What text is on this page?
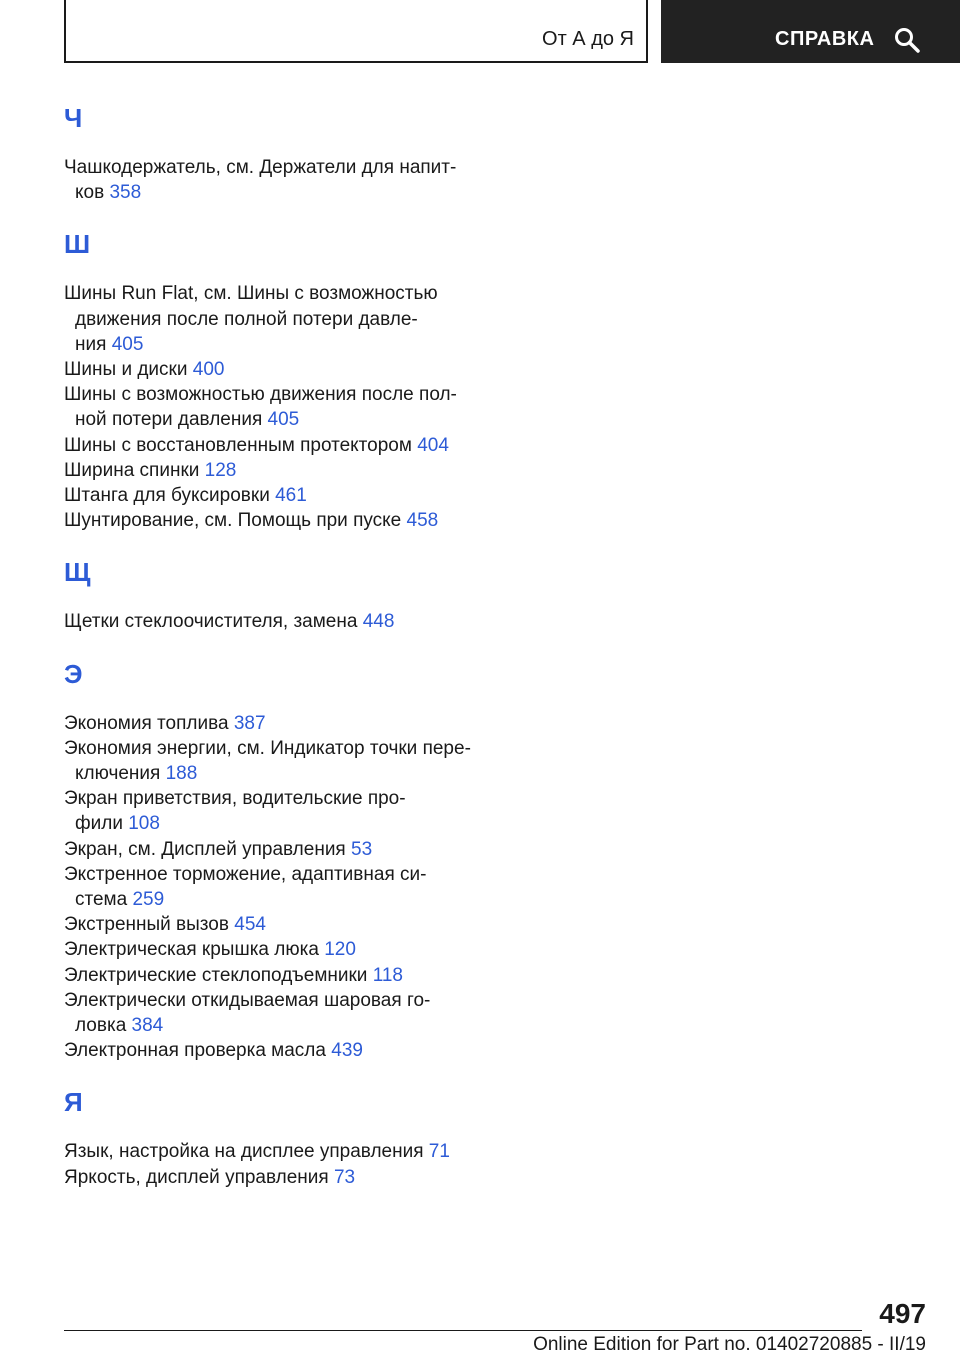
От А до Я	СПРАВКА
Ч
Чашкодержатель, см. Держатели для напит-
ков 358
Ш
Шины Run Flat, см. Шины с возможностью
движения после полной потери давле-
ния 405
Шины и диски 400
Шины с возможностью движения после пол-
ной потери давления 405
Шины с восстановленным протектором 404
Ширина спинки 128
Штанга для буксировки 461
Шунтирование, см. Помощь при пуске 458
Щ
Щетки стеклоочистителя, замена 448
Э
Экономия топлива 387
Экономия энергии, см. Индикатор точки пере-
ключения 188
Экран приветствия, водительские про-
фили 108
Экран, см. Дисплей управления 53
Экстренное торможение, адаптивная си-
стема 259
Экстренный вызов 454
Электрическая крышка люка 120
Электрические стеклоподъемники 118
Электрически откидываемая шаровая го-
ловка 384
Электронная проверка масла 439
Я
Язык, настройка на дисплее управления 71
Яркость, дисплей управления 73
497
Online Edition for Part no. 01402720885 - II/19
